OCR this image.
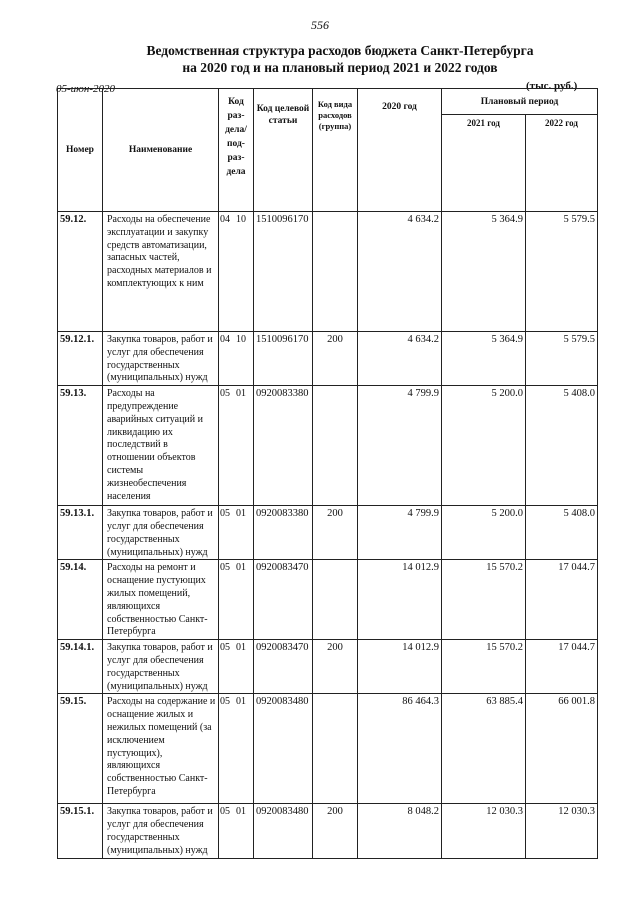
556
Ведомственная структура расходов бюджета Санкт-Петербурга
на 2020 год и на плановый период 2021 и 2022 годов
05-июн-2020	(тыс. руб.)
Номер	Наименование	Код раз- дела/ под- раз- дела	Код целевой статьи	Код вида расходов (группа)	2020 год	Плановый период	
						2021 год	2022 год
59.12.	Расходы на обеспечение эксплуатации и закупку средств автоматизации, запасных частей, расходных материалов и комплектующих к ним	04 10	1510096170		4 634.2	5 364.9	5 579.5
59.12.1.	Закупка товаров, работ и услуг для обеспечения государственных (муниципальных) нужд	04 10	1510096170	200	4 634.2	5 364.9	5 579.5
59.13.	Расходы на предупреждение аварийных ситуаций и ликвидацию их последствий в отношении объектов системы жизнеобеспечения населения	05 01	0920083380		4 799.9	5 200.0	5 408.0
59.13.1.	Закупка товаров, работ и услуг для обеспечения государственных (муниципальных) нужд	05 01	0920083380	200	4 799.9	5 200.0	5 408.0
59.14.	Расходы на ремонт и оснащение пустующих жилых помещений, являющихся собственностью Санкт-Петербурга	05 01	0920083470		14 012.9	15 570.2	17 044.7
59.14.1.	Закупка товаров, работ и услуг для обеспечения государственных (муниципальных) нужд	05 01	0920083470	200	14 012.9	15 570.2	17 044.7
59.15.	Расходы на содержание и оснащение жилых и нежилых помещений (за исключением пустующих), являющихся собственностью Санкт-Петербурга	05 01	0920083480		86 464.3	63 885.4	66 001.8
59.15.1.	Закупка товаров, работ и услуг для обеспечения государственных (муниципальных) нужд	05 01	0920083480	200	8 048.2	12 030.3	12 030.3
